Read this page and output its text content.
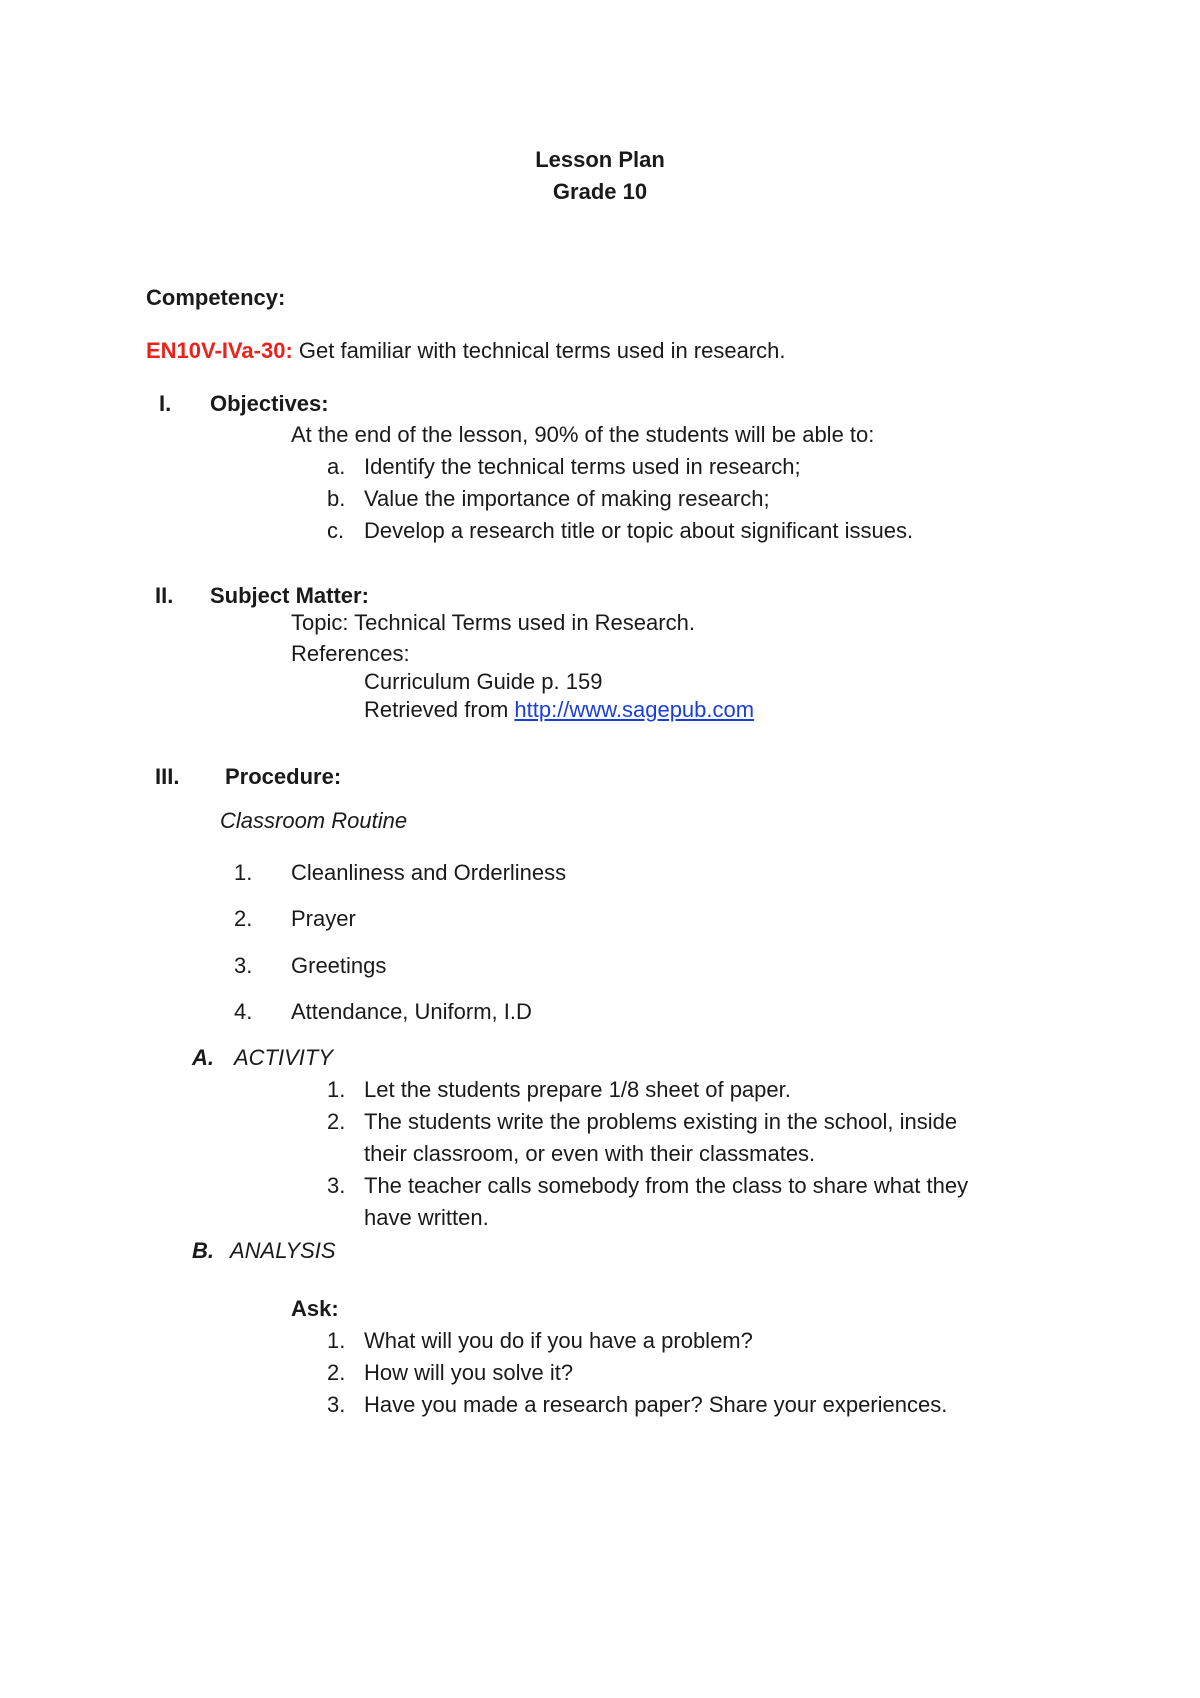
Lesson Plan
Grade 10
Competency:
EN10V-IVa-30: Get familiar with technical terms used in research.
I. Objectives:
At the end of the lesson, 90% of the students will be able to:
a. Identify the technical terms used in research;
b. Value the importance of making research;
c. Develop a research title or topic about significant issues.
II. Subject Matter:
Topic: Technical Terms used in Research.
References:
Curriculum Guide p. 159
Retrieved from http://www.sagepub.com
III. Procedure:
Classroom Routine
1. Cleanliness and Orderliness
2. Prayer
3. Greetings
4. Attendance, Uniform, I.D
A. ACTIVITY
1. Let the students prepare 1/8 sheet of paper.
2. The students write the problems existing in the school, inside
their classroom, or even with their classmates.
3. The teacher calls somebody from the class to share what they
have written.
B. ANALYSIS
Ask:
1. What will you do if you have a problem?
2. How will you solve it?
3. Have you made a research paper? Share your experiences.
